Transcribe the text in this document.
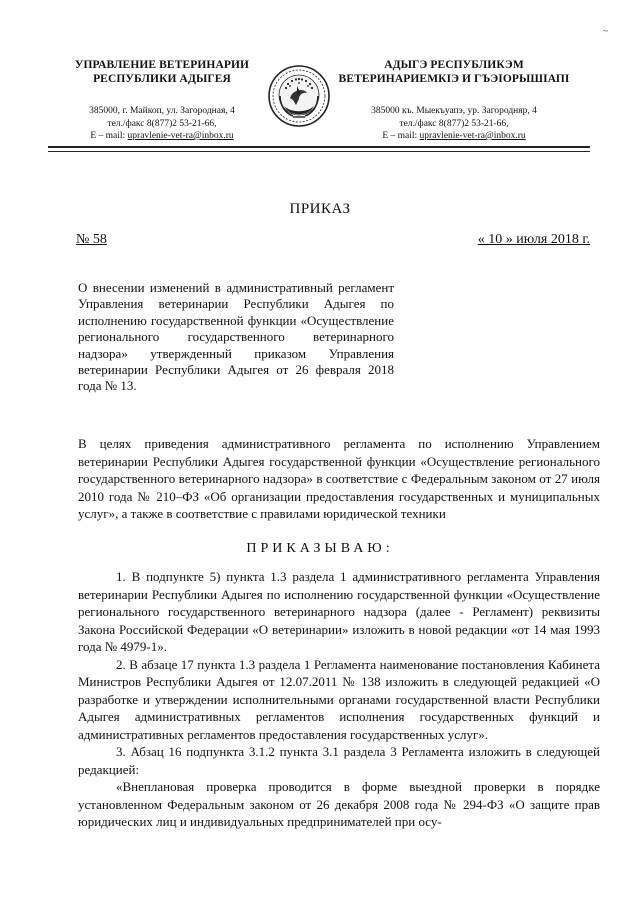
~
УПРАВЛЕНИЕ ВЕТЕРИНАРИИ
РЕСПУБЛИКИ АДЫГЕЯ
385000, г. Майкоп, ул. Загородная, 4
тел./факс 8(877)2 53-21-66,
E – mail: upravlenie-vet-ra@inbox.ru
АДЫГЭ РЕСПУБЛИКЭМ
ВЕТЕРИНАРИЕМКIЭ И ГЪЭIОРЫШIАПI
385000 къ. Мыекъуапэ, ур. Загородняр, 4
тел./факс 8(877)2 53-21-66,
E – mail: upravlenie-vet-ra@inbox.ru
ПРИКАЗ
№ 58	« 10 » июля 2018 г.
О внесении изменений в административный регламент Управления ветеринарии Республики Адыгея по исполнению государственной функции «Осуществление регионального государственного ветеринарного надзора» утвержденный приказом Управления ветеринарии Республики Адыгея от 26 февраля 2018 года № 13.
В целях приведения административного регламента по исполнению Управлением ветеринарии Республики Адыгея государственной функции «Осуществление регионального государственного ветеринарного надзора» в соответствие с Федеральным законом от 27 июля 2010 года № 210–ФЗ «Об организации предоставления государственных и муниципальных услуг», а также в соответствие с правилами юридической техники
ПРИКАЗЫВАЮ:

1. В подпункте 5) пункта 1.3 раздела 1 административного регламента Управления ветеринарии Республики Адыгея по исполнению государственной функции «Осуществление регионального государственного ветеринарного надзора (далее - Регламент) реквизиты Закона Российской Федерации «О ветеринарии» изложить в новой редакции «от 14 мая 1993 года № 4979-1».

2. В абзаце 17 пункта 1.3 раздела 1 Регламента наименование постановления Кабинета Министров Республики Адыгея от 12.07.2011 № 138 изложить в следующей редакцией «О разработке и утверждении исполнительными органами государственной власти Республики Адыгея административных регламентов исполнения государственных функций и административных регламентов предоставления государственных услуг».

3. Абзац 16 подпункта 3.1.2 пункта 3.1 раздела 3 Регламента изложить в следующей редакцией:

«Внеплановая проверка проводится в форме выездной проверки в порядке установленном Федеральным законом от 26 декабря 2008 года № 294-ФЗ «О защите прав юридических лиц и индивидуальных предпринимателей при осу-
